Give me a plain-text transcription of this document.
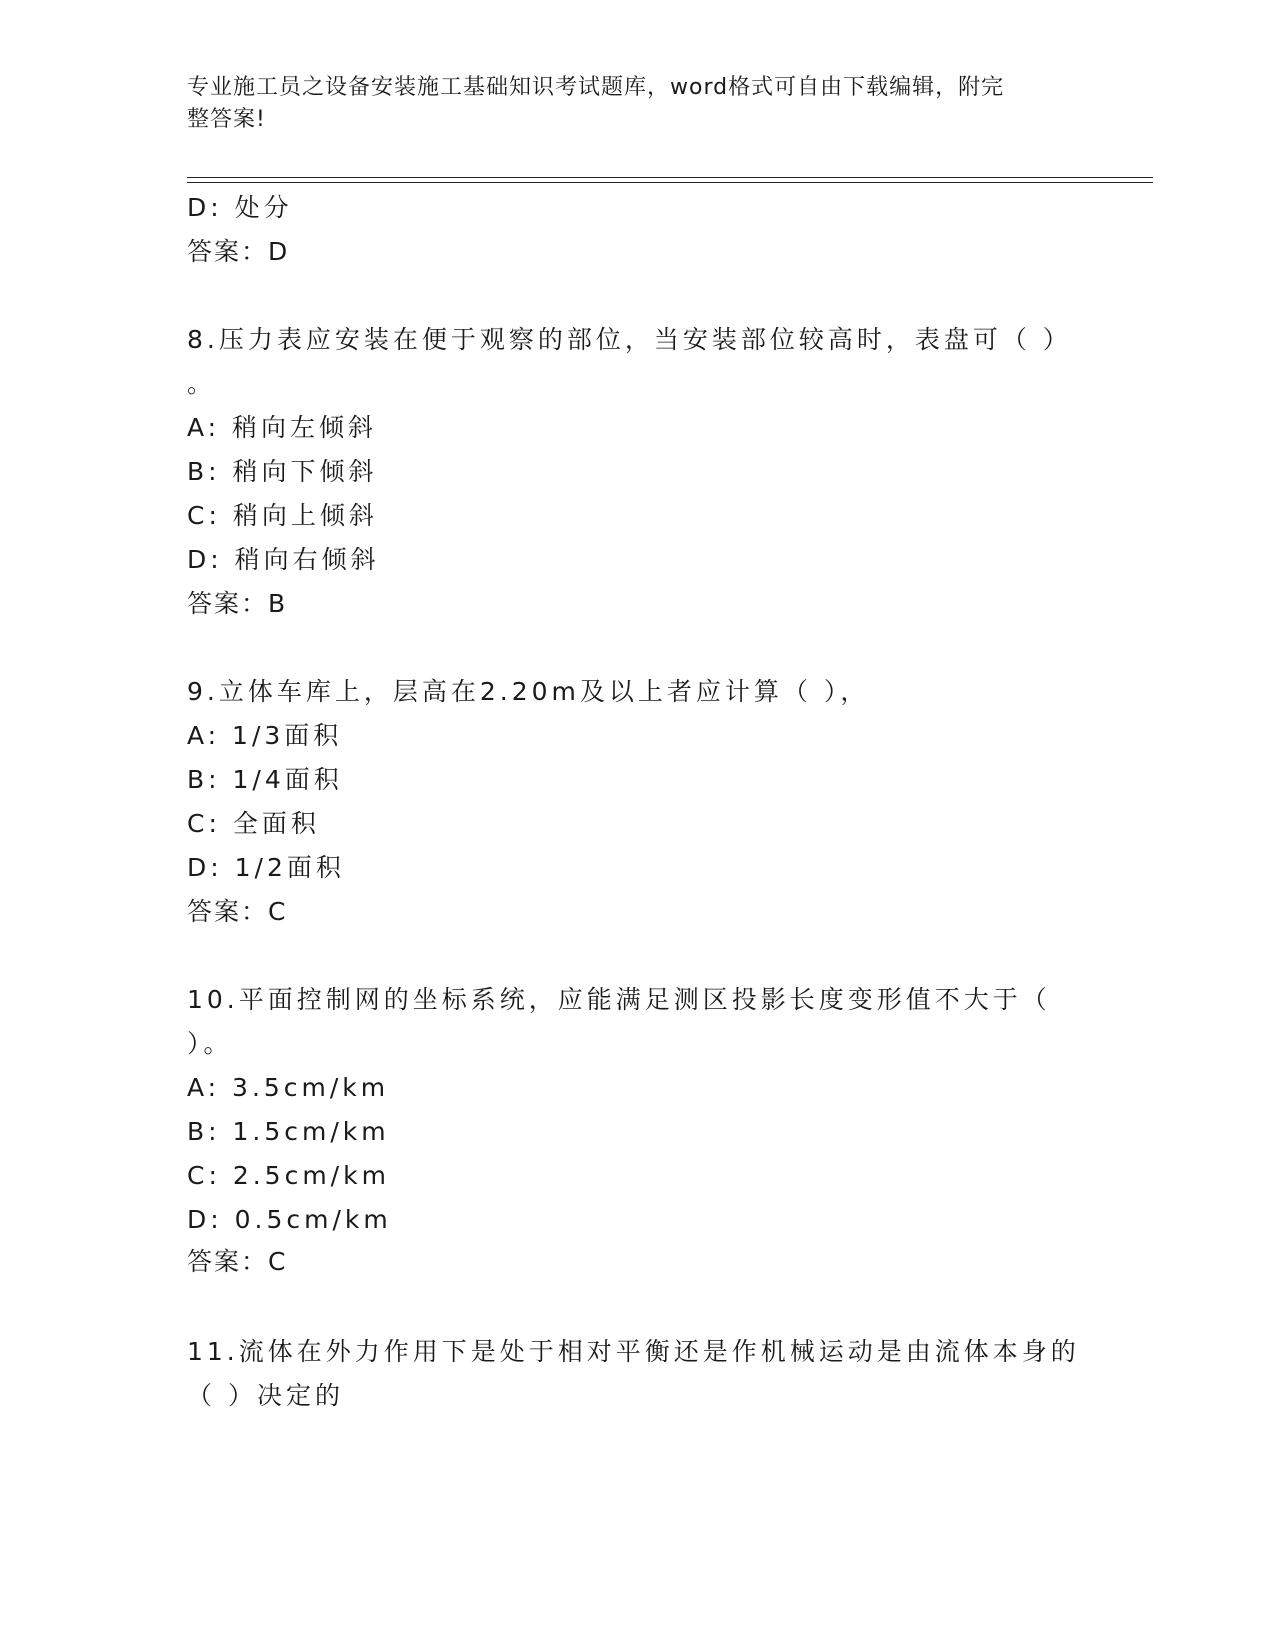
专业施工员之设备安装施工基础知识考试题库，word格式可自由下载编辑，附完
整答案!
D: 处分
答案：D
8.压力表应安装在便于观察的部位，当安装部位较高时，表盘可（ ）
。
A: 稍向左倾斜
B: 稍向下倾斜
C: 稍向上倾斜
D: 稍向右倾斜
答案：B
9.立体车库上，层高在2.20m及以上者应计算（ ），
A: 1/3面积
B: 1/4面积
C: 全面积
D: 1/2面积
答案：C
10.平面控制网的坐标系统，应能满足测区投影长度变形值不大于（
）。
A: 3.5cm/km
B: 1.5cm/km
C: 2.5cm/km
D: 0.5cm/km
答案：C
11.流体在外力作用下是处于相对平衡还是作机械运动是由流体本身的
（ ）决定的
